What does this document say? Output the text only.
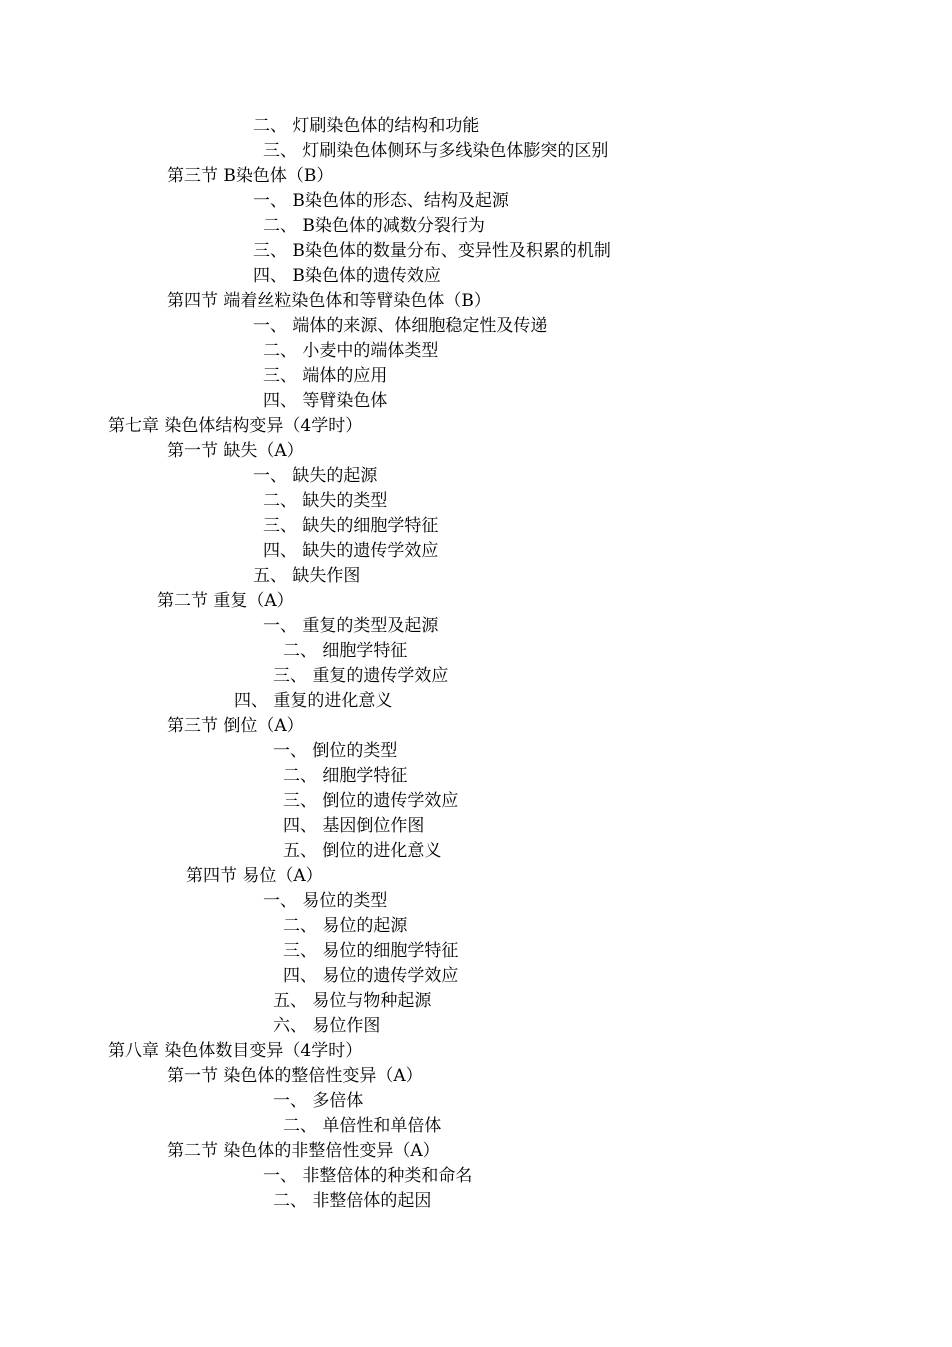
二、 灯刷染色体的结构和功能
三、 灯刷染色体侧环与多线染色体膨突的区别
第三节 B染色体（B）
一、 B染色体的形态、结构及起源
二、 B染色体的减数分裂行为
三、 B染色体的数量分布、变异性及积累的机制
四、 B染色体的遗传效应
第四节 端着丝粒染色体和等臂染色体（B）
一、 端体的来源、体细胞稳定性及传递
二、 小麦中的端体类型
三、 端体的应用
四、 等臂染色体
第七章 染色体结构变异（4学时）
第一节 缺失（A）
一、 缺失的起源
二、 缺失的类型
三、 缺失的细胞学特征
四、 缺失的遗传学效应
五、 缺失作图
第二节 重复（A）
一、 重复的类型及起源
二、 细胞学特征
三、 重复的遗传学效应
四、 重复的进化意义
第三节 倒位（A）
一、 倒位的类型
二、 细胞学特征
三、 倒位的遗传学效应
四、 基因倒位作图
五、 倒位的进化意义
第四节 易位（A）
一、 易位的类型
二、 易位的起源
三、 易位的细胞学特征
四、 易位的遗传学效应
五、 易位与物种起源
六、 易位作图
第八章 染色体数目变异（4学时）
第一节 染色体的整倍性变异（A）
一、 多倍体
二、 单倍性和单倍体
第二节 染色体的非整倍性变异（A）
一、 非整倍体的种类和命名
二、 非整倍体的起因
